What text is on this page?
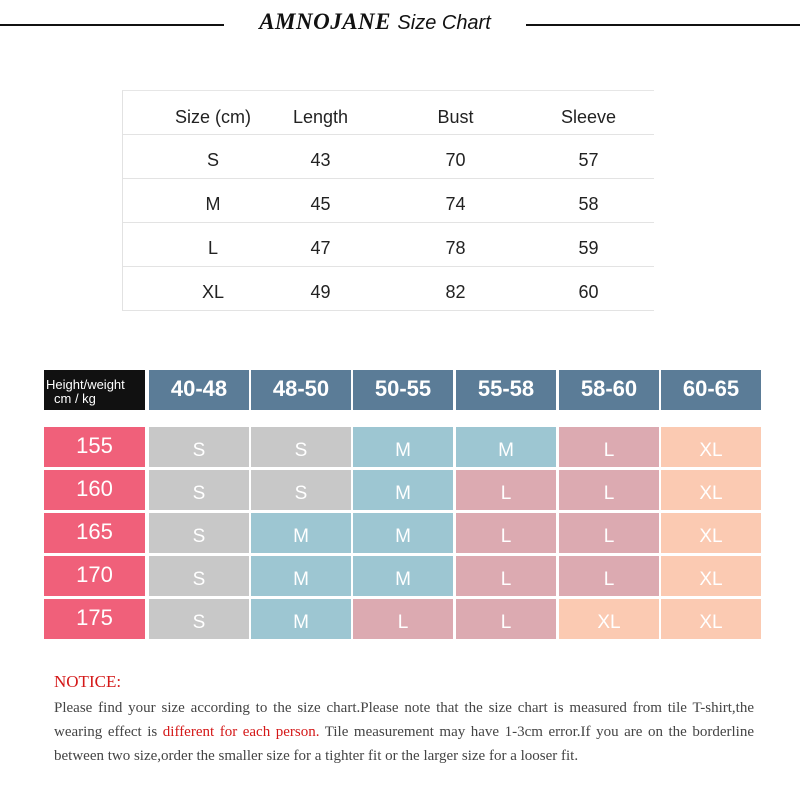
AMNOJANE Size Chart
Size (cm)	Length	Bust	Sleeve
S	43	70	57
M	45	74	58
L	47	78	59
XL	49	82	60
Height/weight
cm / kg	40-48	48-50	50-55	55-58	58-60	60-65
155	S	S	M	M	L	XL
160	S	S	M	L	L	XL
165	S	M	M	L	L	XL
170	S	M	M	L	L	XL
175	S	M	L	L	XL	XL

NOTICE:

Please find your size according to the size chart.Please note that the size chart is measured from tile T-shirt,the wearing effect is different for each person. Tile measurement may have 1-3cm error.If you are on the borderline between two size,order the smaller size for a tighter fit or the larger size for a looser fit.
